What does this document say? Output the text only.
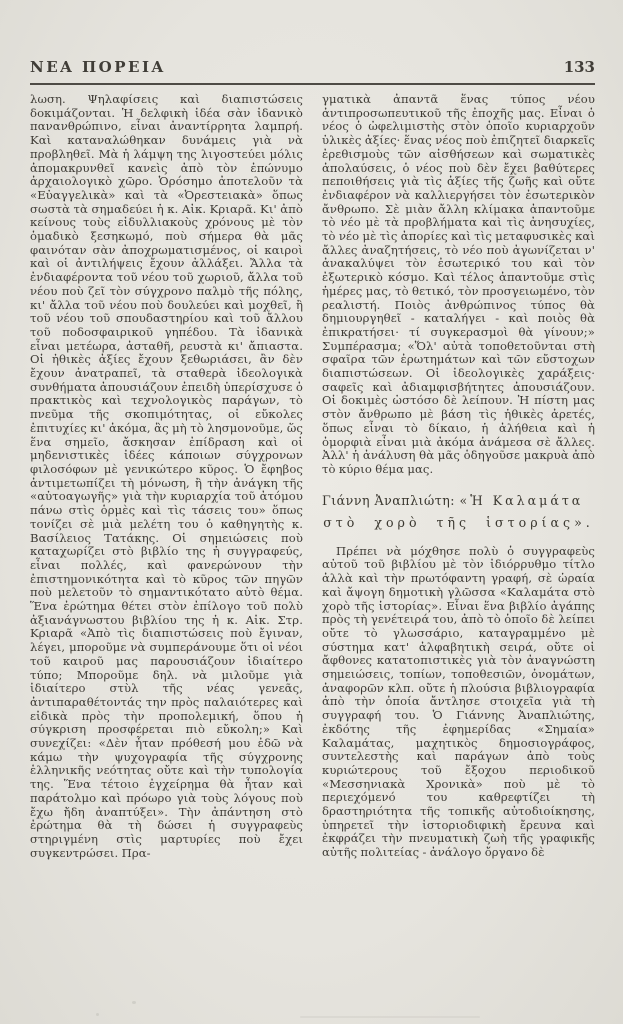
ΝΕΑ ΠΟΡΕΙΑ	133

λωση. Ψηλαφίσεις καὶ διαπιστώσεις δοκιμάζονται. Ἡ δελφικὴ ἰδέα σὰν ἰδανικὸ πανανθρώπινο, εἶναι ἀναντίρρητα λαμπρή. Καὶ καταναλώθηκαν δυνάμεις γιὰ νὰ προβληθεῖ. Μὰ ἡ λάμψη της λιγοστεύει μόλις ἀπομακρυνθεῖ κανεὶς ἀπὸ τὸν ἐπώνυμο ἀρχαιολογικὸ χῶρο. Ὁρόσημο ἀποτελοῦν τὰ «Εὐαγγελικὰ» καὶ τὰ «Ὀρεστειακὰ» ὅπως σωστὰ τὰ σημαδεύει ἡ κ. Αἰκ. Κριαρᾶ. Κι' ἀπὸ κείνους τοὺς εἰδυλλιακοὺς χρόνους μὲ τὸν ὁμαδικὸ ξεσηκωμό, ποὺ σήμερα θὰ μᾶς φαινόταν σὰν ἀποχρωματισμένος, οἱ καιροὶ καὶ οἱ ἀντιλήψεις ἔχουν ἀλλάξει. Ἄλλα τὰ ἐνδιαφέροντα τοῦ νέου τοῦ χωριοῦ, ἄλλα τοῦ νέου ποὺ ζεῖ τὸν σύγχρονο παλμὸ τῆς πόλης, κι' ἄλλα τοῦ νέου ποὺ δουλεύει καὶ μοχθεῖ, ἢ τοῦ νέου τοῦ σπουδαστηρίου καὶ τοῦ ἄλλου τοῦ ποδοσφαιρικοῦ γηπέδου. Τὰ ἰδανικὰ εἶναι μετέωρα, ἀσταθῆ, ρευστὰ κι' ἄπιαστα. Οἱ ἠθικὲς ἀξίες ἔχουν ξεθωριάσει, ἂν δὲν ἔχουν ἀνατραπεῖ, τὰ σταθερὰ ἰδεολογικὰ συνθήματα ἀπουσιάζουν ἐπειδὴ ὑπερίσχυσε ὁ πρακτικὸς καὶ τεχνολογικὸς παράγων, τὸ πνεῦμα τῆς σκοπιμότητας, οἱ εὔκολες ἐπιτυχίες κι' ἀκόμα, ἂς μὴ τὸ λησμονοῦμε, ὥς ἕνα σημεῖο, ἄσκησαν ἐπίδραση καὶ οἱ μηδενιστικὲς ἰδέες κάποιων σύγχρονων φιλοσόφων μὲ γενικώτερο κῦρος. Ὁ ἔφηβος ἀντιμετωπίζει τὴ μόνωση, ἢ τὴν ἀνάγκη τῆς «αὐτοαγωγῆς» γιὰ τὴν κυριαρχία τοῦ ἀτόμου πάνω στὶς ὁρμὲς καὶ τὶς τάσεις του» ὅπως τονίζει σὲ μιὰ μελέτη του ὁ καθηγητὴς κ. Βασίλειος Τατάκης. Οἱ σημειώσεις ποὺ καταχωρίζει στὸ βιβλίο της ἡ συγγραφεύς, εἶναι πολλές, καὶ φανερώνουν τὴν ἐπιστημονικότητα καὶ τὸ κῦρος τῶν πηγῶν ποὺ μελετοῦν τὸ σημαντικότατο αὐτὸ θέμα. Ἕνα ἐρώτημα θέτει στὸν ἐπίλογο τοῦ πολὺ ἀξιανάγνωστου βιβλίου της ἡ κ. Αἰκ. Στρ. Κριαρᾶ «Ἀπὸ τὶς διαπιστώσεις ποὺ ἔγιναν, λέγει, μποροῦμε νὰ συμπεράνουμε ὅτι οἱ νέοι τοῦ καιροῦ μας παρουσιάζουν ἰδιαίτερο τύπο; Μποροῦμε δηλ. νὰ μιλοῦμε γιὰ ἰδιαίτερο στὺλ τῆς νέας γενεᾶς, ἀντιπαραθέτοντάς την πρὸς παλαιότερες καὶ εἰδικὰ πρὸς τὴν προπολεμική, ὅπου ἡ σύγκριση προσφέρεται πιὸ εὔκολη;» Καὶ συνεχίζει: «Δὲν ἦταν πρόθεσή μου ἐδῶ νὰ κάμω τὴν ψυχογραφία τῆς σύγχρονης ἑλληνικῆς νεότητας οὔτε καὶ τὴν τυπολογία της. Ἕνα τέτοιο ἐγχείρημα θὰ ἦταν καὶ παράτολμο καὶ πρόωρο γιὰ τοὺς λόγους ποὺ ἔχω ἤδη ἀναπτύξει». Τὴν ἀπάντηση στὸ ἐρώτημα θὰ τὴ δώσει ἡ συγγραφεὺς στηριγμένη στὶς μαρτυρίες ποὺ ἔχει συγκεντρώσει. Πρα-

γματικὰ ἀπαντᾶ ἕνας τύπος νέου ἀντιπροσωπευτικοῦ τῆς ἐποχῆς μας. Εἶναι ὁ νέος ὁ ὠφελιμιστὴς στὸν ὁποῖο κυριαρχοῦν ὑλικὲς ἀξίες· ἕνας νέος ποὺ ἐπιζητεῖ διαρκεῖς ἐρεθισμοὺς τῶν αἰσθήσεων καὶ σωματικὲς ἀπολαύσεις, ὁ νέος ποὺ δὲν ἔχει βαθύτερες πεποιθήσεις γιὰ τὶς ἀξίες τῆς ζωῆς καὶ οὔτε ἐνδιαφέρον νὰ καλλιεργήσει τὸν ἐσωτερικὸν ἄνθρωπο. Σὲ μιὰν ἄλλη κλίμακα ἀπαντοῦμε τὸ νέο μὲ τὰ προβλήματα καὶ τὶς ἀνησυχίες, τὸ νέο μὲ τὶς ἀπορίες καὶ τὶς μεταφυσικὲς καὶ ἄλλες ἀναζητήσεις, τὸ νέο ποὺ ἀγωνίζεται ν' ἀνακαλύψει τὸν ἐσωτερικό του καὶ τὸν ἐξωτερικὸ κόσμο. Καὶ τέλος ἀπαντοῦμε στὶς ἡμέρες μας, τὸ θετικό, τὸν προσγειωμένο, τὸν ρεαλιστή. Ποιὸς ἀνθρώπινος τύπος θὰ δημιουργηθεῖ - καταλήγει - καὶ ποιὸς θὰ ἐπικρατήσει· τί συγκερασμοὶ θὰ γίνουν;» Συμπέρασμα; «Ὅλ' αὐτὰ τοποθετοῦνται στὴ σφαῖρα τῶν ἐρωτημάτων καὶ τῶν εὔστοχων διαπιστώσεων. Οἱ ἰδεολογικὲς χαράξεις· σαφεῖς καὶ ἀδιαμφισβήτητες ἀπουσιάζουν. Οἱ δοκιμὲς ὡστόσο δὲ λείπουν. Ἡ πίστη μας στὸν ἄνθρωπο μὲ βάση τὶς ἠθικὲς ἀρετές, ὅπως εἶναι τὸ δίκαιο, ἡ ἀλήθεια καὶ ἡ ὀμορφιὰ εἶναι μιὰ ἀκόμα ἀνάμεσα σὲ ἄλλες. Ἀλλ' ἡ ἀνάλυση θὰ μᾶς ὁδηγοῦσε μακρυὰ ἀπὸ τὸ κύριο θέμα μας.

Γιάννη Ἀναπλιώτη: «Ἡ Καλαμάτα
στὸ χορὸ τῆς ἱστορίας».

Πρέπει νὰ μόχθησε πολὺ ὁ συγγραφεὺς αὐτοῦ τοῦ βιβλίου μὲ τὸν ἰδιόρρυθμο τίτλο ἀλλὰ καὶ τὴν πρωτόφαντη γραφή, σὲ ὡραία καὶ ἄψογη δημοτικὴ γλῶσσα «Καλαμάτα στὸ χορὸ τῆς ἱστορίας». Εἶναι ἕνα βιβλίο ἀγάπης πρὸς τὴ γενέτειρά του, ἀπὸ τὸ ὁποῖο δὲ λείπει οὔτε τὸ γλωσσάριο, καταγραμμένο μὲ σύστημα κατ' ἀλφαβητικὴ σειρά, οὔτε οἱ ἄφθονες κατατοπιστικὲς γιὰ τὸν ἀναγνώστη σημειώσεις, τοπίων, τοποθεσιῶν, ὀνομάτων, ἀναφορῶν κλπ. οὔτε ἡ πλούσια βιβλιογραφία ἀπὸ τὴν ὁποία ἄντλησε στοιχεῖα γιὰ τὴ συγγραφή του. Ὁ Γιάννης Ἀναπλιώτης, ἐκδότης τῆς ἐφημερίδας «Σημαία» Καλαμάτας, μαχητικὸς δημοσιογράφος, συντελεστὴς καὶ παράγων ἀπὸ τοὺς κυριώτερους τοῦ ἔξοχου περιοδικοῦ «Μεσσηνιακὰ Χρονικὰ» ποὺ μὲ τὸ περιεχόμενό του καθρεφτίζει τὴ δραστηριότητα τῆς τοπικῆς αὐτοδιοίκησης, ὑπηρετεῖ τὴν ἱστοριοδιφικὴ ἔρευνα καὶ ἐκφράζει τὴν πνευματικὴ ζωὴ τῆς γραφικῆς αὐτῆς πολιτείας - ἀνάλογο ὄργανο δὲ
